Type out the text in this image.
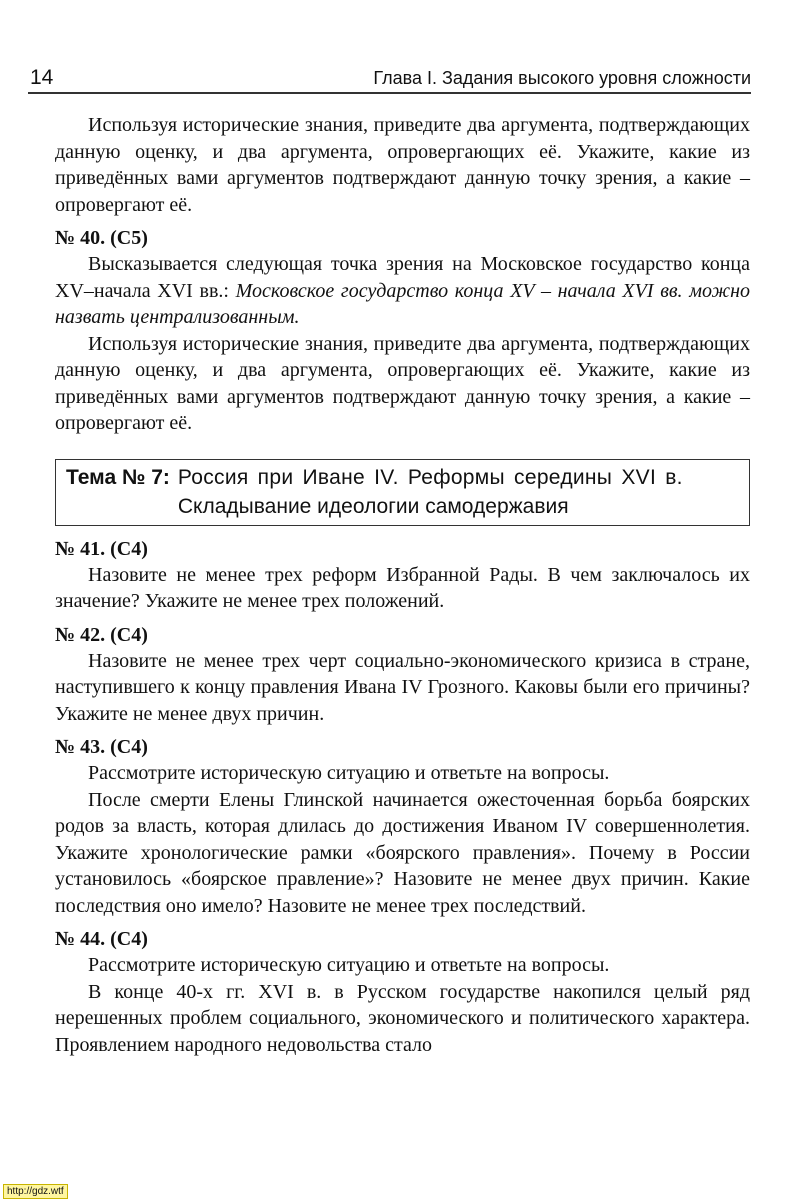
14	Глава I. Задания высокого уровня сложности

Используя исторические знания, приведите два аргумента, подтверждающих данную оценку, и два аргумента, опровергающих её. Укажите, какие из приведённых вами аргументов подтверждают данную точку зрения, а какие – опровергают её.

№ 40. (С5)

Высказывается следующая точка зрения на Московское государство конца XV–начала XVI вв.: Московское государство конца XV – начала XVI вв. можно назвать централизованным.

Используя исторические знания, приведите два аргумента, подтверждающих данную оценку, и два аргумента, опровергающих её. Укажите, какие из приведённых вами аргументов подтверждают данную точку зрения, а какие – опровергают её.

Тема № 7: Россия при Иване IV. Реформы середины XVI в.
Складывание идеологии самодержавия
№ 41. (С4)

Назовите не менее трех реформ Избранной Рады. В чем заключалось их значение? Укажите не менее трех положений.

№ 42. (С4)

Назовите не менее трех черт социально-экономического кризиса в стране, наступившего к концу правления Ивана IV Грозного. Каковы были его причины? Укажите не менее двух причин.

№ 43. (С4)

Рассмотрите историческую ситуацию и ответьте на вопросы.

После смерти Елены Глинской начинается ожесточенная борьба боярских родов за власть, которая длилась до достижения Иваном IV совершеннолетия. Укажите хронологические рамки «боярского правления». Почему в России установилось «боярское правление»? Назовите не менее двух причин. Какие последствия оно имело? Назовите не менее трех последствий.

№ 44. (С4)

Рассмотрите историческую ситуацию и ответьте на вопросы.

В конце 40-х гг. XVI в. в Русском государстве накопился целый ряд нерешенных проблем социального, экономического и политического характера. Проявлением народного недовольства стало

http://gdz.wtf
